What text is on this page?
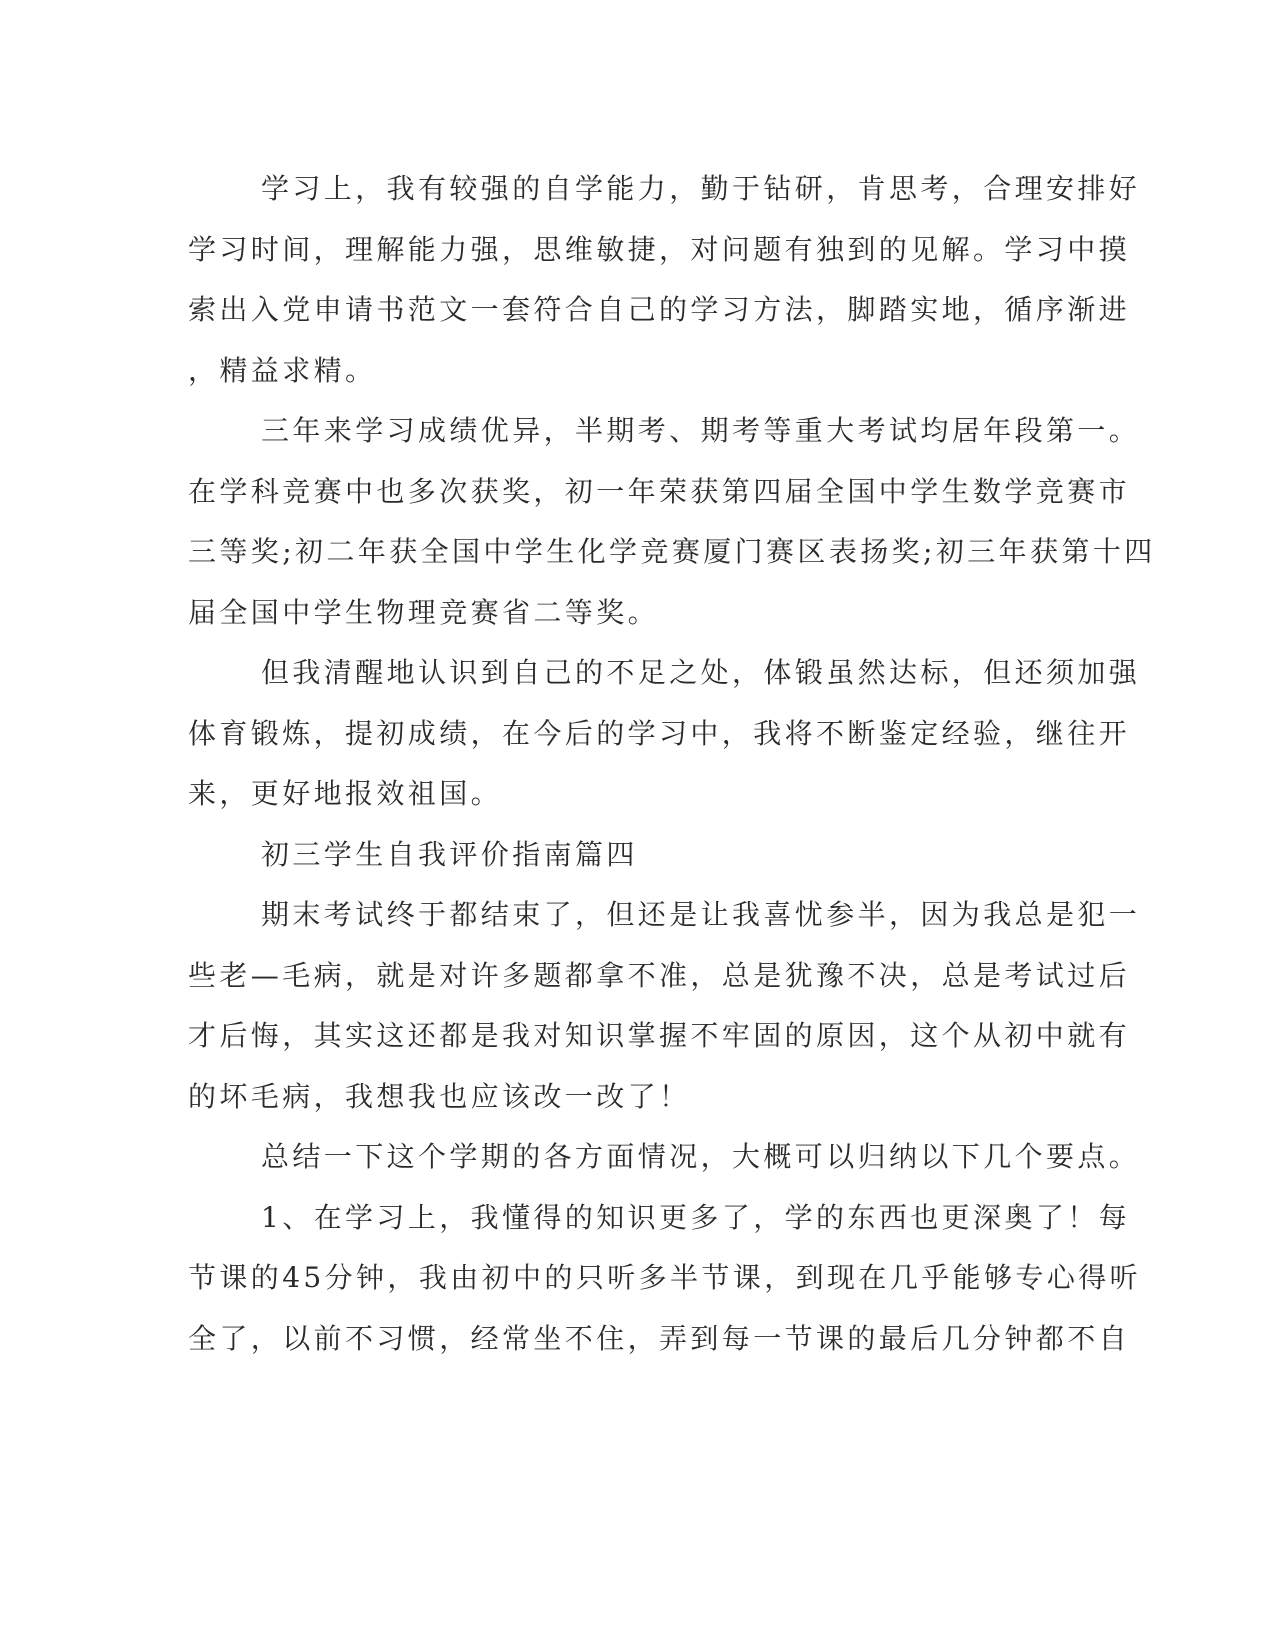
学习上，我有较强的自学能力，勤于钻研，肯思考，合理安排好
学习时间，理解能力强，思维敏捷，对问题有独到的见解。学习中摸
索出入党申请书范文一套符合自己的学习方法，脚踏实地，循序渐进
，精益求精。
三年来学习成绩优异，半期考、期考等重大考试均居年段第一。
在学科竞赛中也多次获奖，初一年荣获第四届全国中学生数学竞赛市
三等奖;初二年获全国中学生化学竞赛厦门赛区表扬奖;初三年获第十四
届全国中学生物理竞赛省二等奖。
但我清醒地认识到自己的不足之处，体锻虽然达标，但还须加强
体育锻炼，提初成绩，在今后的学习中，我将不断鉴定经验，继往开
来，更好地报效祖国。
初三学生自我评价指南篇四
期末考试终于都结束了，但还是让我喜忧参半，因为我总是犯一
些老—毛病，就是对许多题都拿不准，总是犹豫不决，总是考试过后
才后悔，其实这还都是我对知识掌握不牢固的原因，这个从初中就有
的坏毛病，我想我也应该改一改了！
总结一下这个学期的各方面情况，大概可以归纳以下几个要点。
1、在学习上，我懂得的知识更多了，学的东西也更深奥了！每
节课的45分钟，我由初中的只听多半节课，到现在几乎能够专心得听
全了，以前不习惯，经常坐不住，弄到每一节课的最后几分钟都不自
